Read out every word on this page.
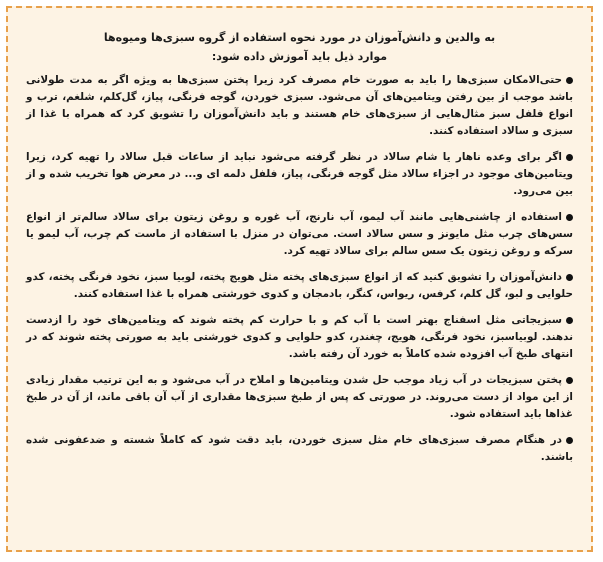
به والدین و دانش‌آموزان در مورد نحوه استفاده از گروه سبزی‌ها ومیوه‌ها
موارد ذیل باید آموزش داده شود:
حتی‌الامکان سبزی‌ها را باید به صورت خام مصرف کرد زیرا پختن سبزی‌ها به ویژه اگر به مدت طولانی باشد موجب از بین رفتن ویتامین‌های آن می‌شود. سبزی خوردن، گوجه فرنگی، پیاز، گل‌کلم، شلغم، ترب و انواع فلفل سبز مثال‌هایی از سبزی‌های خام هستند و باید دانش‌آموزان را تشویق کرد که همراه با غذا از سبزی و سالاد استفاده کنند.
اگر برای وعده ناهار یا شام سالاد در نظر گرفته می‌شود نباید از ساعات قبل سالاد را تهیه کرد، زیرا ویتامین‌های موجود در اجزاء سالاد مثل گوجه فرنگی، پیاز، فلفل دلمه ای و... در معرض هوا تخریب شده و از بین می‌رود.
استفاده از چاشنی‌هایی مانند آب لیمو، آب نارنج، آب غوره و روغن زیتون برای سالاد سالم‌تر از انواع سس‌های چرب مثل مایونز و سس سالاد است. می‌توان در منزل با استفاده از ماست کم چرب، آب لیمو یا سرکه و روغن زیتون یک سس سالم برای سالاد تهیه کرد.
دانش‌آموزان را تشویق کنید که از انواع سبزی‌های پخته مثل هویج پخته، لوبیا سبز، نخود فرنگی پخته، کدو حلوایی و لبو، گل کلم، کرفس، ریواس، کنگر، بادمجان و کدوی خورشتی همراه با غذا استفاده کنند.
سبزیجاتی مثل اسفناج بهتر است با آب کم و با حرارت کم پخته شوند که ویتامین‌های خود را ازدست ندهند. لوبیاسبز، نخود فرنگی، هویج، چغندر، کدو حلوایی و کدوی خورشتی باید به صورتی پخته شوند که در انتهای طبخ آب افزوده شده کاملاً به خورد آن رفته باشد.
پختن سبزیجات در آب زیاد موجب حل شدن ویتامین‌ها و املاح در آب می‌شود و به این ترتیب مقدار زیادی از این مواد از دست می‌روند. در صورتی که پس از طبخ سبزی‌ها مقداری از آب آن باقی ماند، از آن در طبخ غذاها باید استفاده شود.
در هنگام مصرف سبزی‌های خام مثل سبزی خوردن، باید دقت شود که کاملاً شسته و ضدعفونی شده باشند.
